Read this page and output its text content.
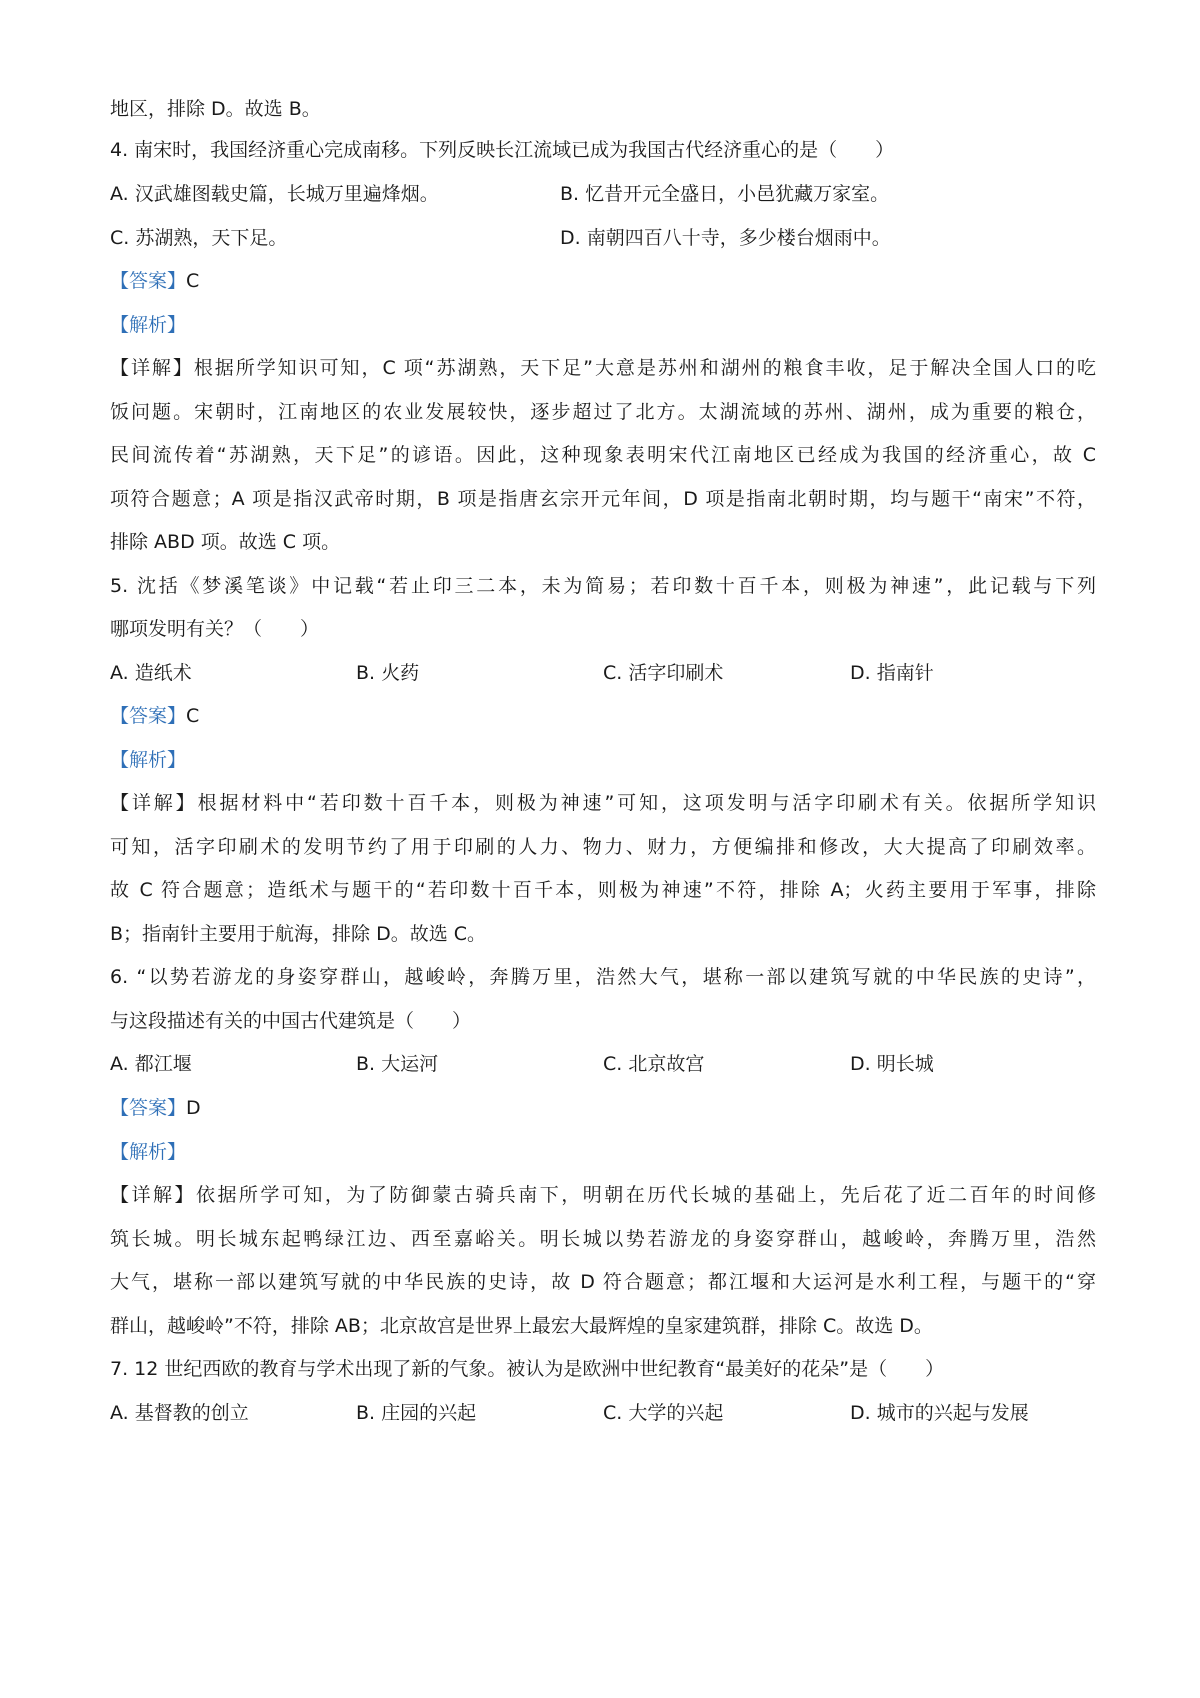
地区，排除 D。故选 B。
4. 南宋时，我国经济重心完成南移。下列反映长江流域已成为我国古代经济重心的是（　　）
A. 汉武雄图载史篇，长城万里遍烽烟。	B. 忆昔开元全盛日，小邑犹藏万家室。
C. 苏湖熟，天下足。	D. 南朝四百八十寺，多少楼台烟雨中。
【答案】C
【解析】
【详解】根据所学知识可知，C 项“苏湖熟，天下足”大意是苏州和湖州的粮食丰收，足于解决全国人口的吃
饭问题。宋朝时，江南地区的农业发展较快，逐步超过了北方。太湖流域的苏州、湖州，成为重要的粮仓，
民间流传着“苏湖熟，天下足”的谚语。因此，这种现象表明宋代江南地区已经成为我国的经济重心，故 C
项符合题意；A 项是指汉武帝时期，B 项是指唐玄宗开元年间，D 项是指南北朝时期，均与题干“南宋”不符，
排除 ABD 项。故选 C 项。
5. 沈括《梦溪笔谈》中记载“若止印三二本，未为简易；若印数十百千本，则极为神速”，此记载与下列
哪项发明有关？（　　）
A. 造纸术	B. 火药	C. 活字印刷术	D. 指南针
【答案】C
【解析】
【详解】根据材料中“若印数十百千本，则极为神速”可知，这项发明与活字印刷术有关。依据所学知识
可知，活字印刷术的发明节约了用于印刷的人力、物力、财力，方便编排和修改，大大提高了印刷效率。
故 C 符合题意；造纸术与题干的“若印数十百千本，则极为神速”不符，排除 A；火药主要用于军事，排除
B；指南针主要用于航海，排除 D。故选 C。
6. “以势若游龙的身姿穿群山，越峻岭，奔腾万里，浩然大气，堪称一部以建筑写就的中华民族的史诗”，
与这段描述有关的中国古代建筑是（　　）
A. 都江堰	B. 大运河	C. 北京故宫	D. 明长城
【答案】D
【解析】
【详解】依据所学可知，为了防御蒙古骑兵南下，明朝在历代长城的基础上，先后花了近二百年的时间修
筑长城。明长城东起鸭绿江边、西至嘉峪关。明长城以势若游龙的身姿穿群山，越峻岭，奔腾万里，浩然
大气，堪称一部以建筑写就的中华民族的史诗，故 D 符合题意；都江堰和大运河是水利工程，与题干的“穿
群山，越峻岭”不符，排除 AB；北京故宫是世界上最宏大最辉煌的皇家建筑群，排除 C。故选 D。
7. 12 世纪西欧的教育与学术出现了新的气象。被认为是欧洲中世纪教育“最美好的花朵”是（　　）
A. 基督教的创立	B. 庄园的兴起	C. 大学的兴起	D. 城市的兴起与发展
